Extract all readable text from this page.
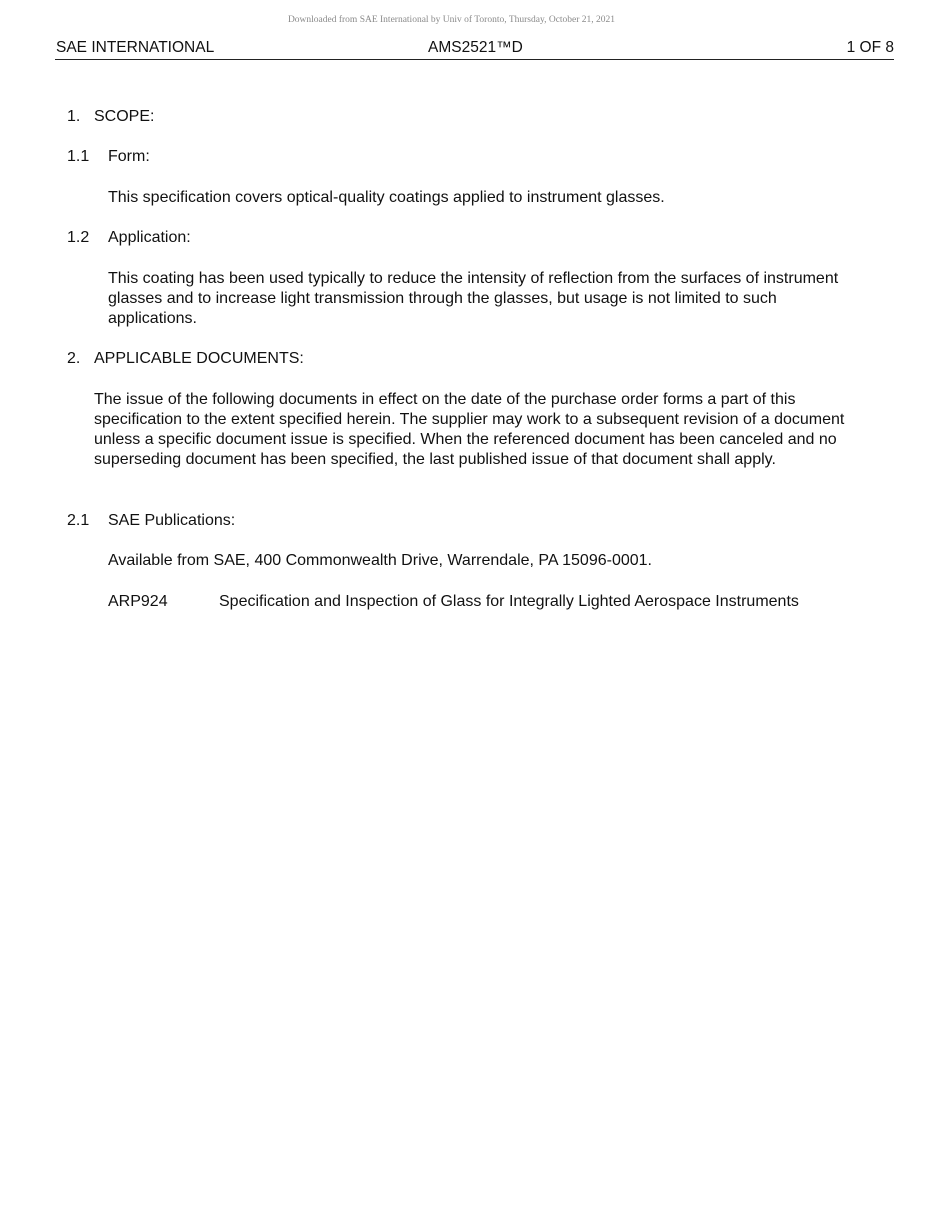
Downloaded from SAE International by Univ of Toronto, Thursday, October 21, 2021
SAE INTERNATIONAL	AMS2521™D	1 OF 8
1. SCOPE:
1.1 Form:
This specification covers optical-quality coatings applied to instrument glasses.
1.2 Application:
This coating has been used typically to reduce the intensity of reflection from the surfaces of instrument glasses and to increase light transmission through the glasses, but usage is not limited to such applications.
2. APPLICABLE DOCUMENTS:
The issue of the following documents in effect on the date of the purchase order forms a part of this specification to the extent specified herein. The supplier may work to a subsequent revision of a document unless a specific document issue is specified. When the referenced document has been canceled and no superseding document has been specified, the last published issue of that document shall apply.
2.1 SAE Publications:
Available from SAE, 400 Commonwealth Drive, Warrendale, PA 15096-0001.
ARP924	Specification and Inspection of Glass for Integrally Lighted Aerospace Instruments
